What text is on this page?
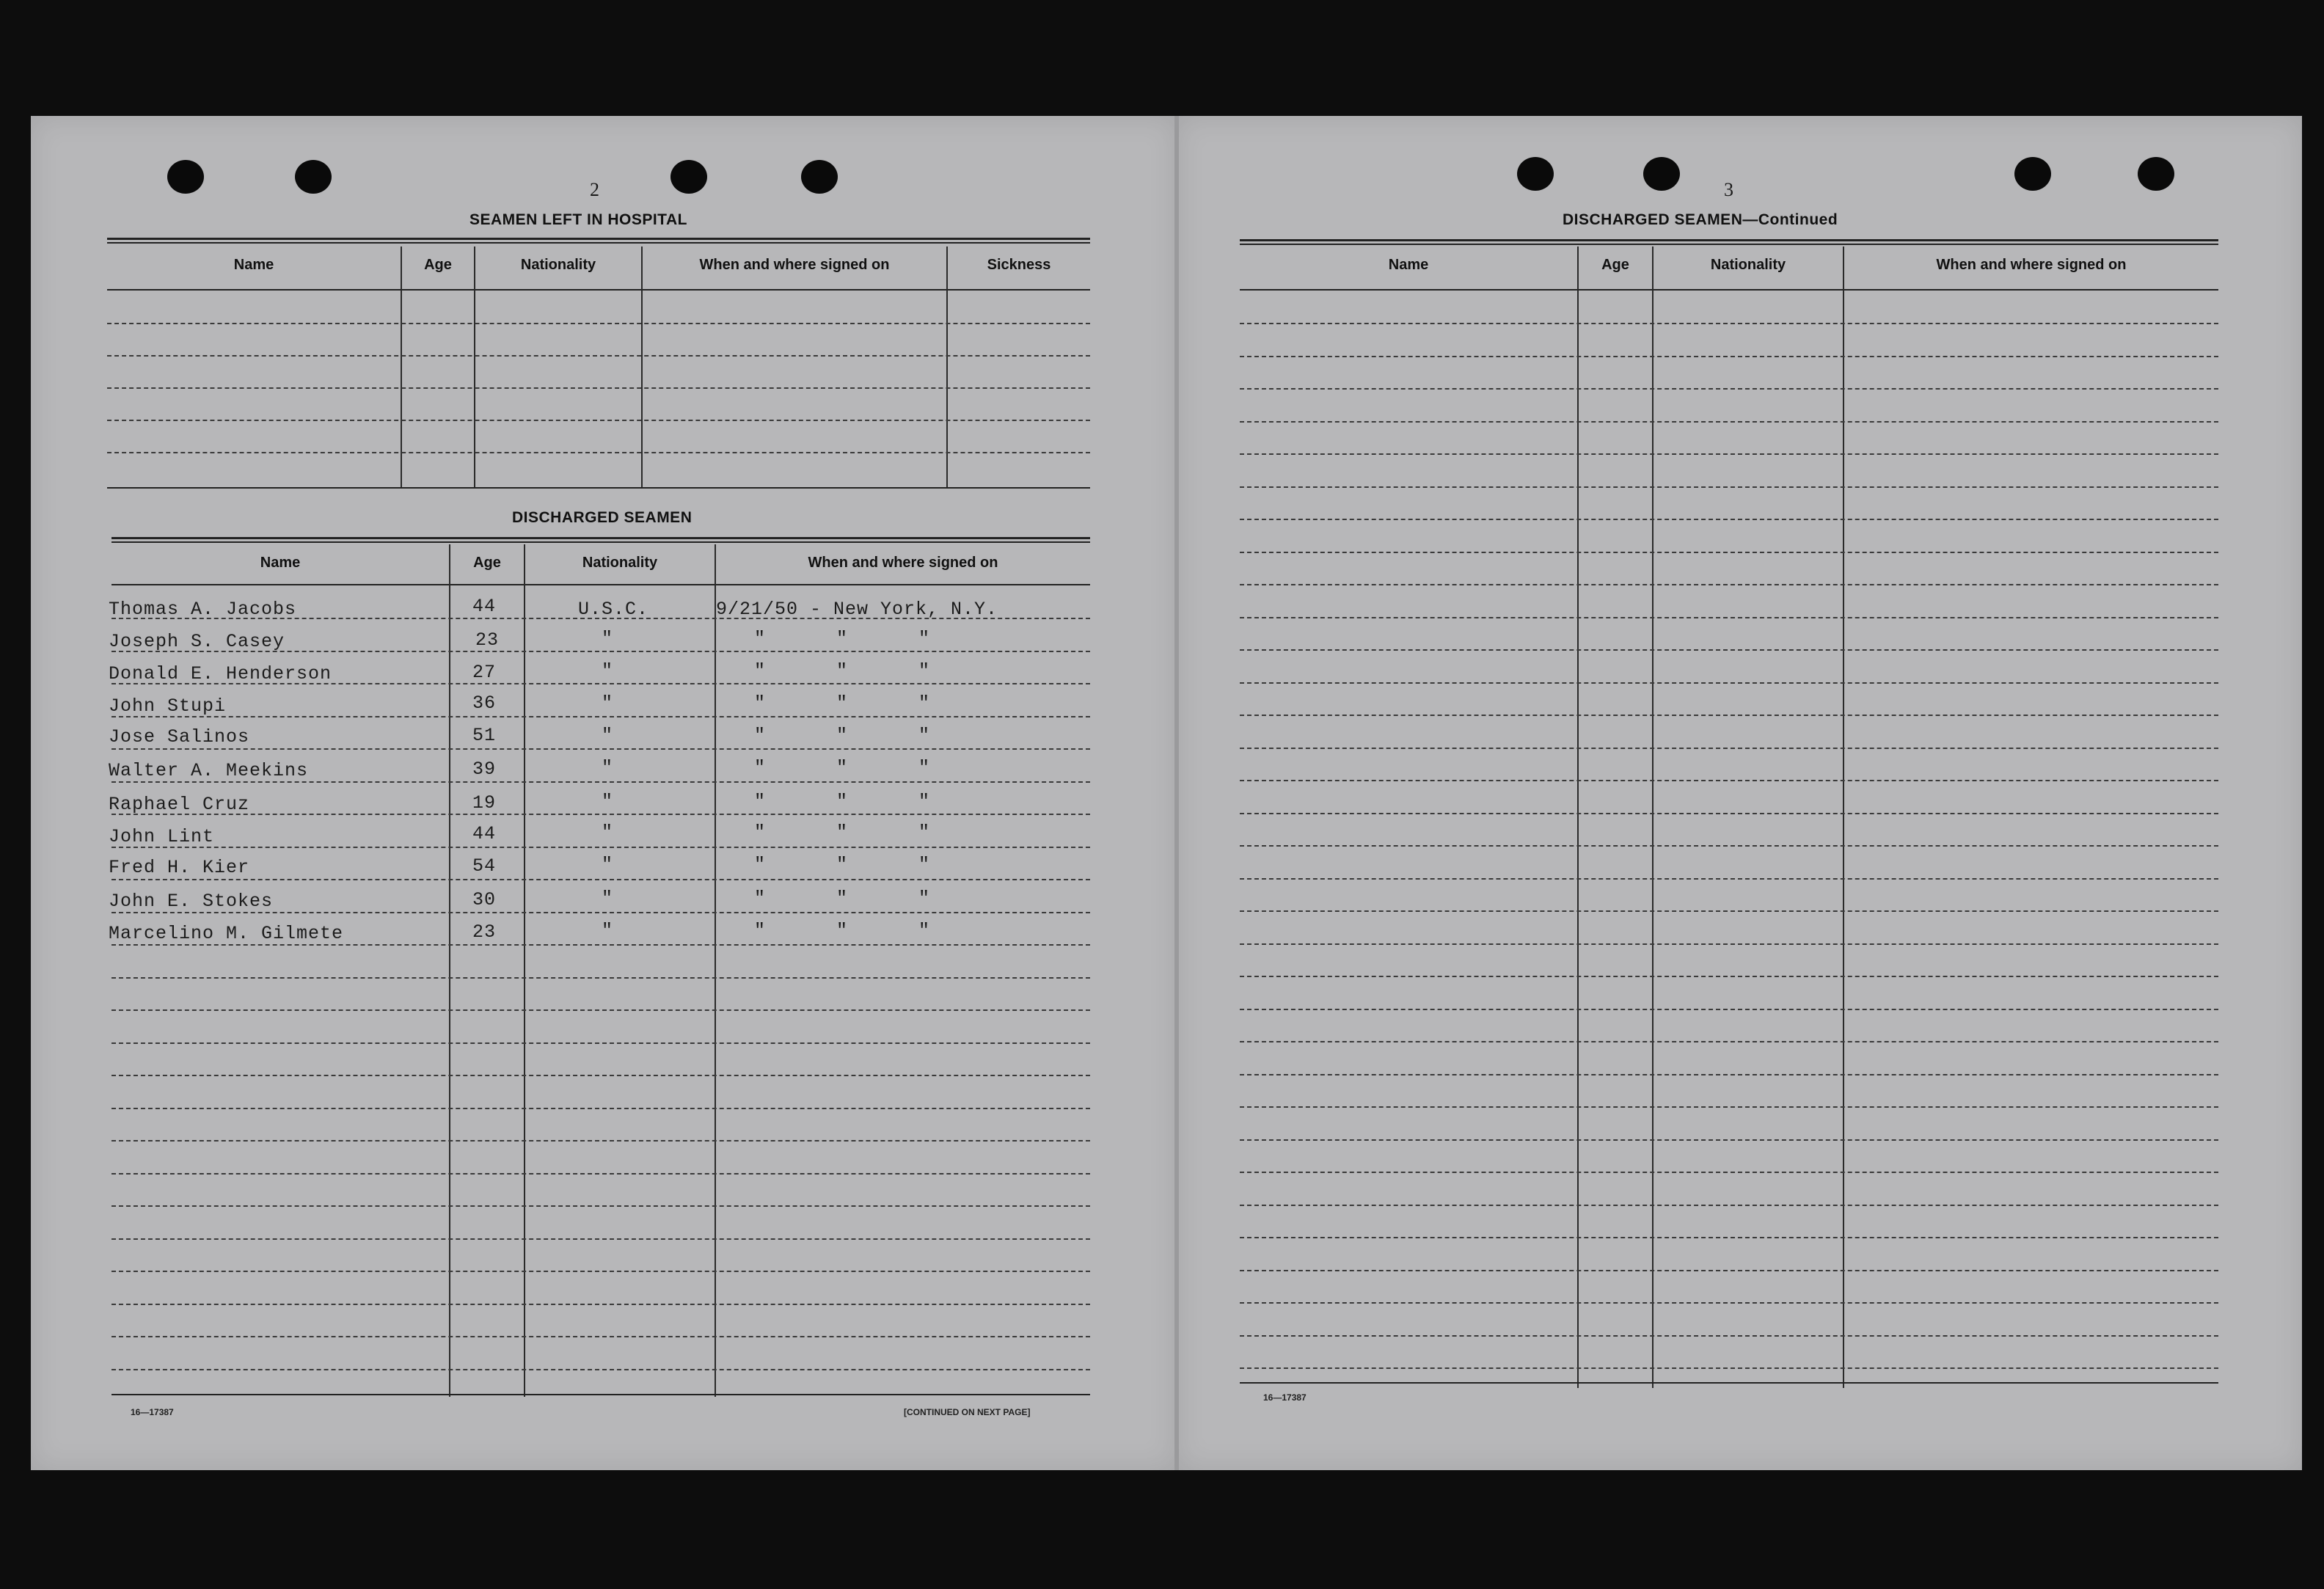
2
SEAMEN LEFT IN HOSPITAL
Name	Age	Nationality	When and where signed on	Sickness
DISCHARGED SEAMEN
Name	Age	Nationality	When and where signed on
Thomas A. Jacobs	44	U.S.C.	9/21/50 - New York, N.Y.
Joseph S. Casey	23	"	"      "      "
Donald E. Henderson	27	"	"      "      "
John Stupi	36	"	"      "      "
Jose Salinos	51	"	"      "      "
Walter A. Meekins	39	"	"      "      "
Raphael Cruz	19	"	"      "      "
John Lint	44	"	"      "      "
Fred H. Kier	54	"	"      "      "
John E. Stokes	30	"	"      "      "
Marcelino M. Gilmete	23	"	"      "      "
16—17387	[CONTINUED ON NEXT PAGE]
3
DISCHARGED SEAMEN—Continued
Name	Age	Nationality	When and where signed on
16—17387
